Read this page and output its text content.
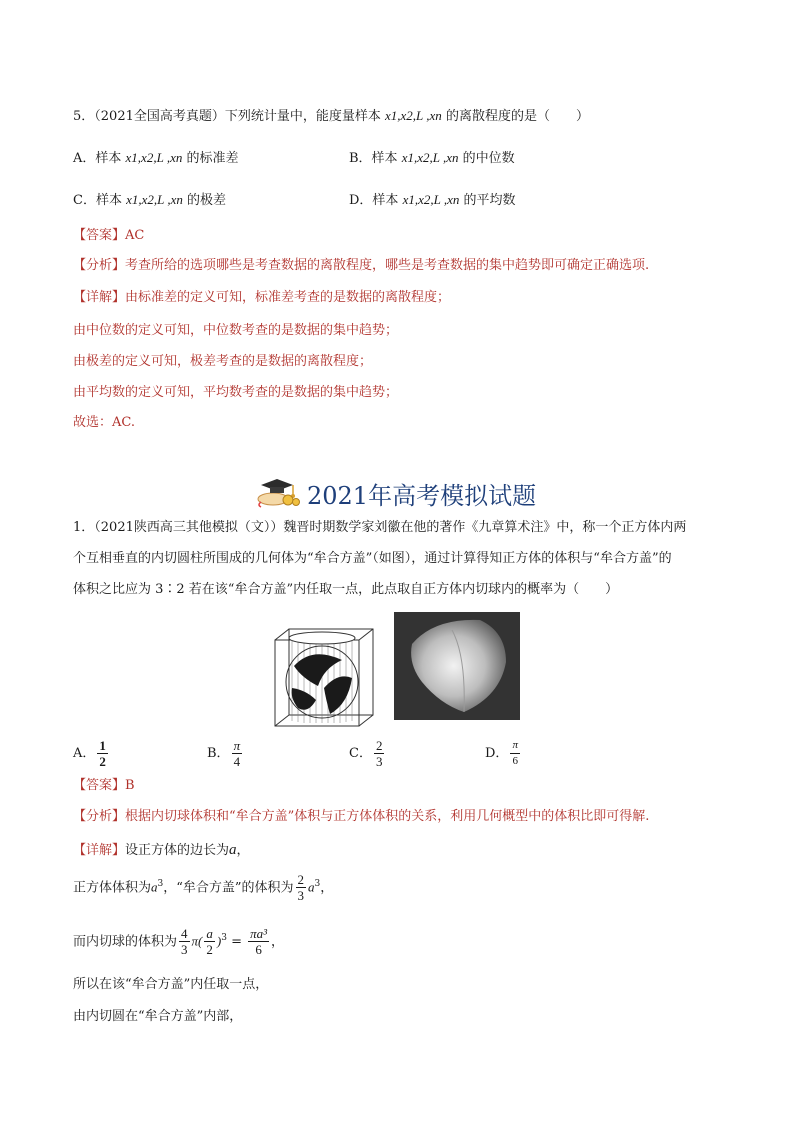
5．（2021全国高考真题）下列统计量中，能度量样本 x1,x2,L ,xn 的离散程度的是（　　）
A．样本 x1,x2,L ,xn 的标准差	B．样本 x1,x2,L ,xn 的中位数
C．样本 x1,x2,L ,xn 的极差	D．样本 x1,x2,L ,xn 的平均数
【答案】AC
【分析】考查所给的选项哪些是考查数据的离散程度，哪些是考查数据的集中趋势即可确定正确选项.
【详解】由标准差的定义可知，标准差考查的是数据的离散程度；
由中位数的定义可知，中位数考查的是数据的集中趋势；
由极差的定义可知，极差考查的是数据的离散程度；
由平均数的定义可知，平均数考查的是数据的集中趋势；
故选：AC.
2021年高考模拟试题
1．（2021陕西高三其他模拟（文））魏晋时期数学家刘徽在他的著作《九章算术注》中，称一个正方体内两
个互相垂直的内切圆柱所围成的几何体为“牟合方盖”（如图），通过计算得知正方体的体积与“牟合方盖”的
体积之比应为 3∶2 若在该“牟合方盖”内任取一点，此点取自正方体内切球内的概率为（　　）
A． $\frac{1}{2}$	B． $\frac{\pi}{4}$	C． $\frac{2}{3}$	D． $\frac{\pi}{6}$
【答案】B
【分析】根据内切球体积和“牟合方盖”体积与正方体体积的关系，利用几何概型中的体积比即可得解.
【详解】设正方体的边长为a，
正方体体积为$a^3$，“牟合方盖”的体积为 $\frac{2}{3} a^3$，
而内切球的体积为 $\frac{4}{3} \pi( \frac{a}{2} )^3 = \frac{\text{πa³}}{6}$ ，
所以在该“牟合方盖”内任取一点，
由内切圆在“牟合方盖”内部，
